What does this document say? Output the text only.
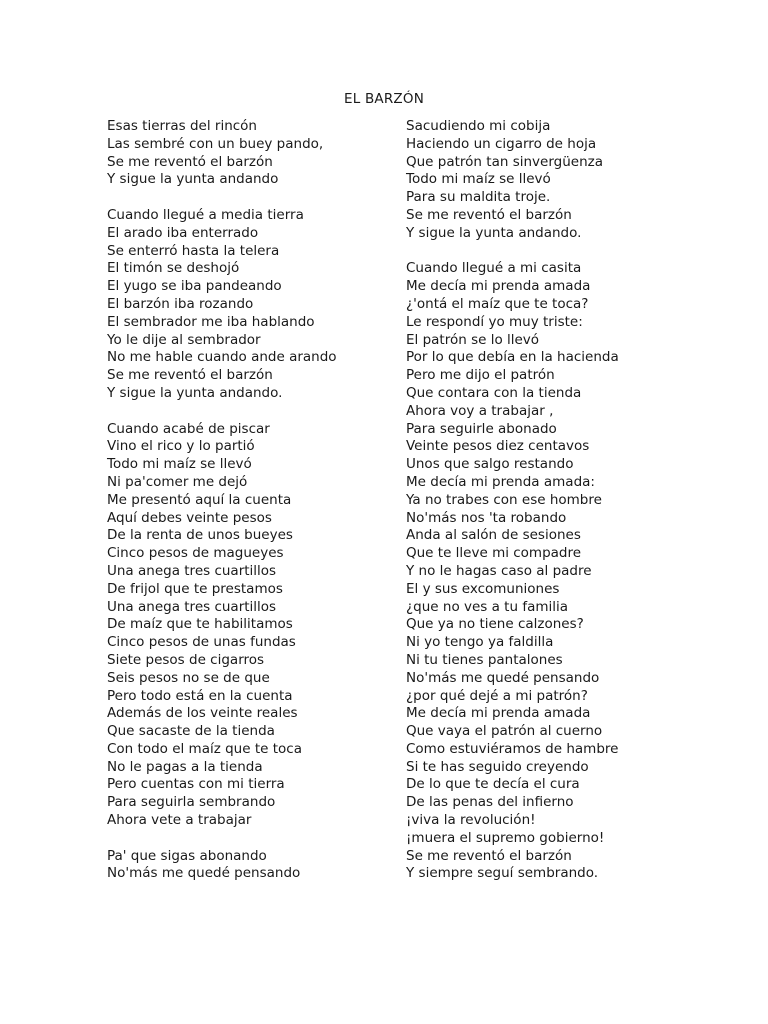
EL BARZÓN
Esas tierras del rincón
Las sembré con un buey pando,
Se me reventó el barzón
Y sigue la yunta andando
Cuando llegué a media tierra
El arado iba enterrado
Se enterró hasta la telera
El timón se deshojó
El yugo se iba pandeando
El barzón iba rozando
El sembrador me iba hablando
Yo le dije al sembrador
No me hable cuando ande arando
Se me reventó el barzón
Y sigue la yunta andando.
Cuando acabé de piscar
Vino el rico y lo partió
Todo mi maíz se llevó
Ni pa'comer me dejó
Me presentó aquí la cuenta
Aquí debes veinte pesos
De la renta de unos bueyes
Cinco pesos de magueyes
Una anega tres cuartillos
De frijol que te prestamos
Una anega tres cuartillos
De maíz que te habilitamos
Cinco pesos de unas fundas
Siete pesos de cigarros
Seis pesos no se de que
Pero todo está en la cuenta
Además de los veinte reales
Que sacaste de la tienda
Con todo el maíz que te toca
No le pagas a la tienda
Pero cuentas con mi tierra
Para seguirla sembrando
Ahora vete a trabajar
Pa' que sigas abonando
No'más me quedé pensando
Sacudiendo mi cobija
Haciendo un cigarro de hoja
Que patrón tan sinvergüenza
Todo mi maíz se llevó
Para su maldita troje.
Se me reventó el barzón
Y sigue la yunta andando.
Cuando llegué a mi casita
Me decía mi prenda amada
¿'ontá el maíz que te toca?
Le respondí yo muy triste:
El patrón se lo llevó
Por lo que debía en la hacienda
Pero me dijo el patrón
Que contara con la tienda
Ahora voy a trabajar ,
Para seguirle abonado
Veinte pesos diez centavos
Unos que salgo restando
Me decía mi prenda amada:
Ya no trabes con ese hombre
No'más nos 'ta robando
Anda al salón de sesiones
Que te lleve mi compadre
Y no le hagas caso al padre
El y sus excomuniones
¿que no ves a tu familia
Que ya no tiene calzones?
Ni yo tengo ya faldilla
Ni tu tienes pantalones
No'más me quedé pensando
¿por qué dejé a mi patrón?
Me decía mi prenda amada
Que vaya el patrón al cuerno
Como estuviéramos de hambre
Si te has seguido creyendo
De lo que te decía el cura
De las penas del infierno
¡viva la revolución!
¡muera el supremo gobierno!
Se me reventó el barzón
Y siempre seguí sembrando.
